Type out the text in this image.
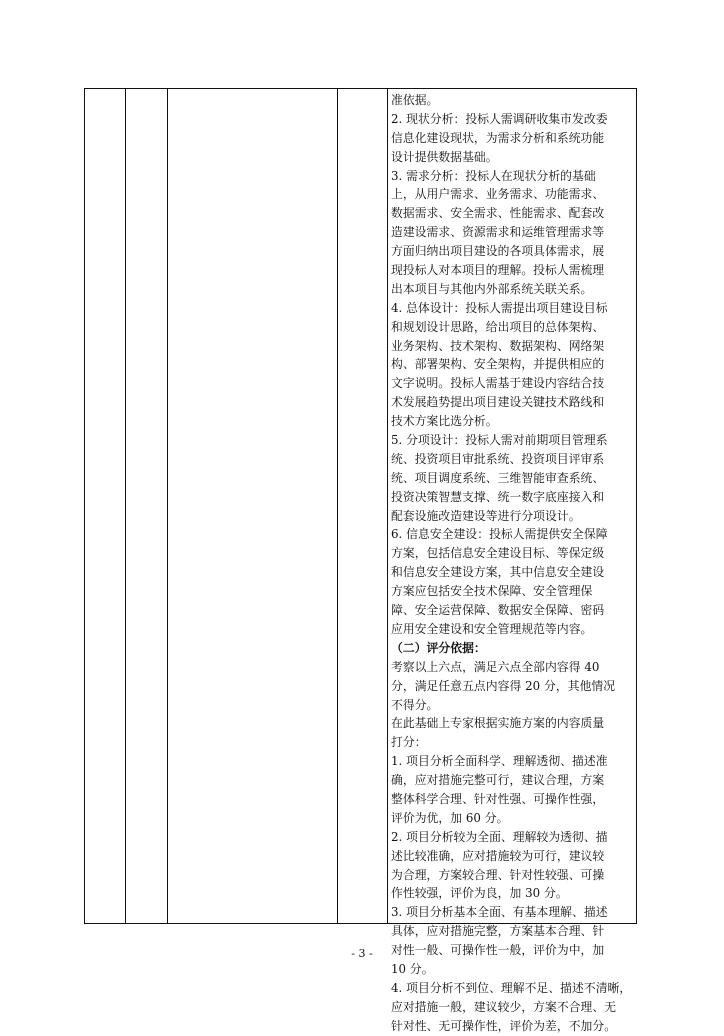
准依据。
2. 现状分析：投标人需调研收集市发改委
信息化建设现状，为需求分析和系统功能
设计提供数据基础。
3. 需求分析：投标人在现状分析的基础
上，从用户需求、业务需求、功能需求、
数据需求、安全需求、性能需求、配套改
造建设需求、资源需求和运维管理需求等
方面归纳出项目建设的各项具体需求，展
现投标人对本项目的理解。投标人需梳理
出本项目与其他内外部系统关联关系。
4. 总体设计：投标人需提出项目建设目标
和规划设计思路，给出项目的总体架构、
业务架构、技术架构、数据架构、网络架
构、部署架构、安全架构，并提供相应的
文字说明。投标人需基于建设内容结合技
术发展趋势提出项目建设关键技术路线和
技术方案比选分析。
5. 分项设计：投标人需对前期项目管理系
统、投资项目审批系统、投资项目评审系
统、项目调度系统、三维智能审查系统、
投资决策智慧支撑、统一数字底座接入和
配套设施改造建设等进行分项设计。
6. 信息安全建设：投标人需提供安全保障
方案，包括信息安全建设目标、等保定级
和信息安全建设方案，其中信息安全建设
方案应包括安全技术保障、安全管理保
障、安全运营保障、数据安全保障、密码
应用安全建设和安全管理规范等内容。
（二）评分依据：
考察以上六点，满足六点全部内容得 40
分，满足任意五点内容得 20 分，其他情况
不得分。
在此基础上专家根据实施方案的内容质量
打分：
1. 项目分析全面科学、理解透彻、描述准
确，应对措施完整可行，建议合理，方案
整体科学合理、针对性强、可操作性强，
评价为优，加 60 分。
2. 项目分析较为全面、理解较为透彻、描
述比较准确，应对措施较为可行，建议较
为合理，方案较合理、针对性较强、可操
作性较强，评价为良，加 30 分。
3. 项目分析基本全面、有基本理解、描述
具体，应对措施完整，方案基本合理、针
对性一般、可操作性一般，评价为中，加
10 分。
4. 项目分析不到位、理解不足、描述不清晰，
应对措施一般，建议较少，方案不合理、无
针对性、无可操作性，评价为差，不加分。
- 3 -
